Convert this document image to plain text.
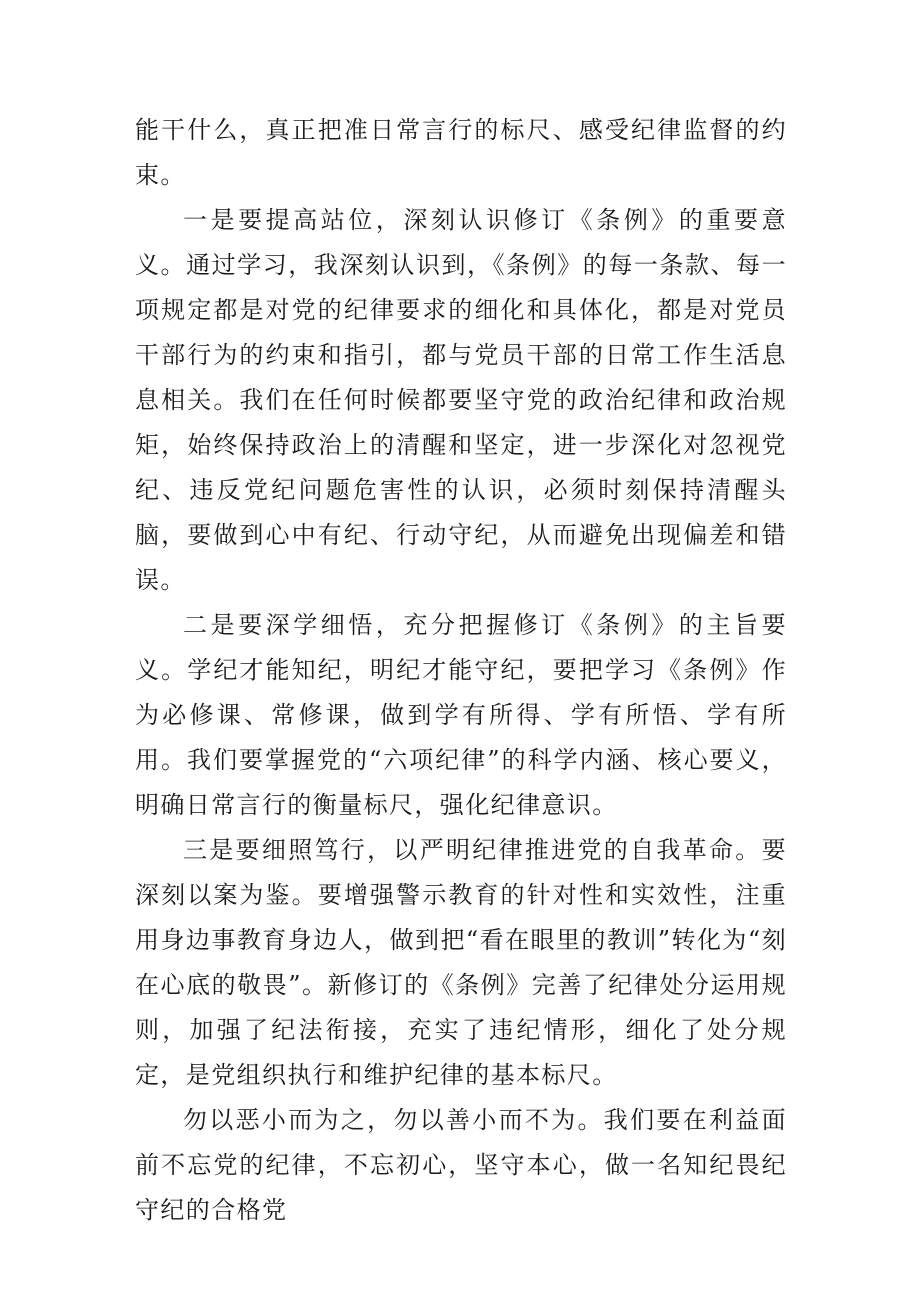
能干什么，真正把准日常言行的标尺、感受纪律监督的约束。

一是要提高站位，深刻认识修订《条例》的重要意义。通过学习，我深刻认识到，《条例》的每一条款、每一项规定都是对党的纪律要求的细化和具体化，都是对党员干部行为的约束和指引，都与党员干部的日常工作生活息息相关。我们在任何时候都要坚守党的政治纪律和政治规矩，始终保持政治上的清醒和坚定，进一步深化对忽视党纪、违反党纪问题危害性的认识，必须时刻保持清醒头脑，要做到心中有纪、行动守纪，从而避免出现偏差和错误。

二是要深学细悟，充分把握修订《条例》的主旨要义。学纪才能知纪，明纪才能守纪，要把学习《条例》作为必修课、常修课，做到学有所得、学有所悟、学有所用。我们要掌握党的“六项纪律”的科学内涵、核心要义，明确日常言行的衡量标尺，强化纪律意识。

三是要细照笃行，以严明纪律推进党的自我革命。要深刻以案为鉴。要增强警示教育的针对性和实效性，注重用身边事教育身边人，做到把“看在眼里的教训”转化为“刻在心底的敬畏”。新修订的《条例》完善了纪律处分运用规则，加强了纪法衔接，充实了违纪情形，细化了处分规定，是党组织执行和维护纪律的基本标尺。

勿以恶小而为之，勿以善小而不为。我们要在利益面前不忘党的纪律，不忘初心，坚守本心，做一名知纪畏纪守纪的合格党
